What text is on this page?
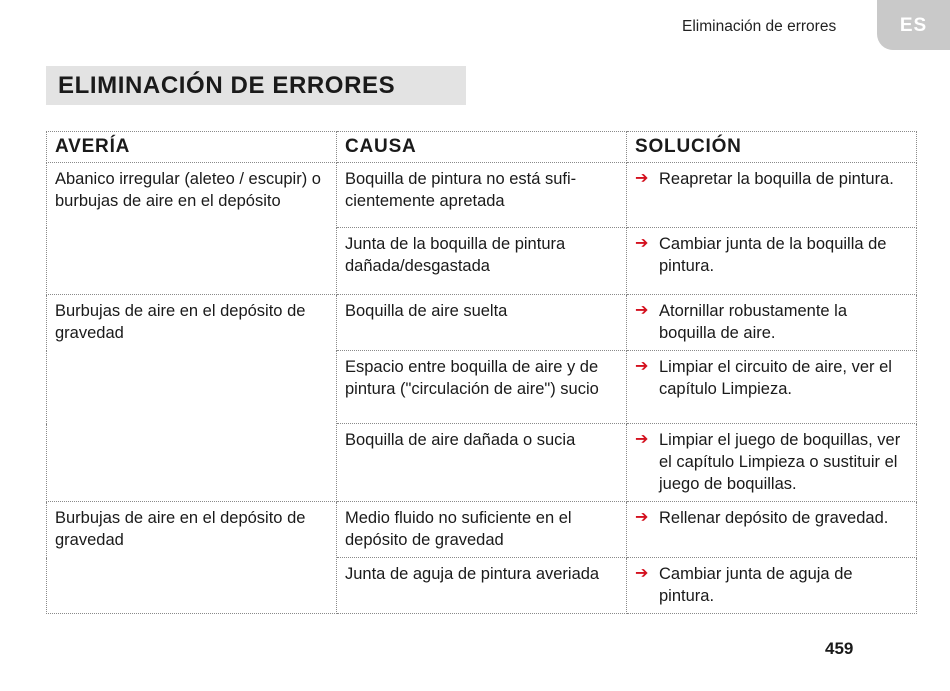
Eliminación de errores	ES
ELIMINACIÓN DE ERRORES
AVERÍA	CAUSA	SOLUCIÓN
Abanico irregular (aleteo / escupir) o burbujas de aire en el depósito	Boquilla de pintura no está sufi-cientemente apretada	➔ Reapretar la boquilla de pintura.

	Junta de la boquilla de pintura dañada/desgastada	➔ Cambiar junta de la boquilla de pintura.

Burbujas de aire en el depósito de gravedad	Boquilla de aire suelta	➔ Atornillar robustamente la boquilla de aire.

	Espacio entre boquilla de aire y de pintura ("circulación de aire") sucio	➔ Limpiar el circuito de aire, ver el capítulo Limpieza.

	Boquilla de aire dañada o sucia	➔ Limpiar el juego de boquillas, ver el capítulo Limpieza o sustituir el juego de boquillas.

Burbujas de aire en el depósito de gravedad	Medio fluido no suficiente en el depósito de gravedad	➔ Rellenar depósito de gravedad.

	Junta de aguja de pintura averiada	➔ Cambiar junta de aguja de pintura.
459
